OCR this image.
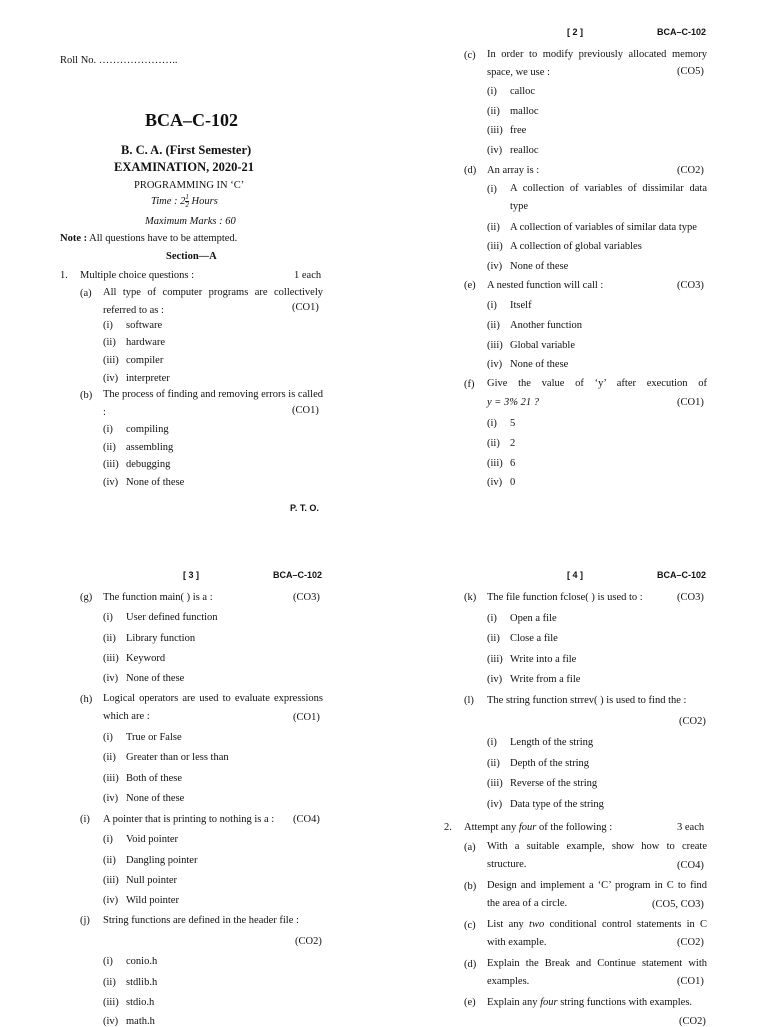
Roll No. …………………..
BCA–C-102
B. C. A. (First Semester)
EXAMINATION, 2020-21
PROGRAMMING IN ‘C’
Time : $2 \frac{1}{2}$ Hours
Maximum Marks : 60
Note : All questions have to be attempted.
Section—A
1. Multiple choice questions :	1 each
(a) All type of computer programs are collectively referred to as :	(CO1)
(i) software
(ii) hardware
(iii) compiler
(iv) interpreter
(b) The process of finding and removing errors is called :	(CO1)
(i) compiling
(ii) assembling
(iii) debugging
(iv) None of these
P. T. O.
[ 2 ]	BCA–C-102
(c) In order to modify previously allocated memory space, we use :	(CO5)
(i) calloc
(ii) malloc
(iii) free
(iv) realloc
(d) An array is :	(CO2)
(i) A collection of variables of dissimilar data type
(ii) A collection of variables of similar data type
(iii) A collection of global variables
(iv) None of these
(e) A nested function will call :	(CO3)
(i) Itself
(ii) Another function
(iii) Global variable
(iv) None of these
(f) Give the value of ‘y’ after execution of
y = 3% 21 ?	(CO1)
(i) 5
(ii) 2
(iii) 6
(iv) 0
[ 3 ]	BCA–C-102
(g) The function main( ) is a :	(CO3)
(i) User defined function
(ii) Library function
(iii) Keyword
(iv) None of these
(h) Logical operators are used to evaluate expressions which are :	(CO1)
(i) True or False
(ii) Greater than or less than
(iii) Both of these
(iv) None of these
(i) A pointer that is printing to nothing is a : (CO4)
(i) Void pointer
(ii) Dangling pointer
(iii) Null pointer
(iv) Wild pointer
(j) String functions are defined in the header file :
(CO2)
(i) conio.h
(ii) stdlib.h
(iii) stdio.h
(iv) math.h
[ 4 ]	BCA–C-102
(k) The file function fclose( ) is used to :	(CO3)
(i) Open a file
(ii) Close a file
(iii) Write into a file
(iv) Write from a file
(l) The string function strrev( ) is used to find the :
(CO2)
(i) Length of the string
(ii) Depth of the string
(iii) Reverse of the string
(iv) Data type of the string
2. Attempt any four of the following :	3 each
(a) With a suitable example, show how to create structure.	(CO4)
(b) Design and implement a ‘C’ program in C to find the area of a circle.	(CO5, CO3)
(c) List any two conditional control statements in C with example.	(CO2)
(d) Explain the Break and Continue statement with examples.	(CO1)
(e) Explain any four string functions with examples.
(CO2)
